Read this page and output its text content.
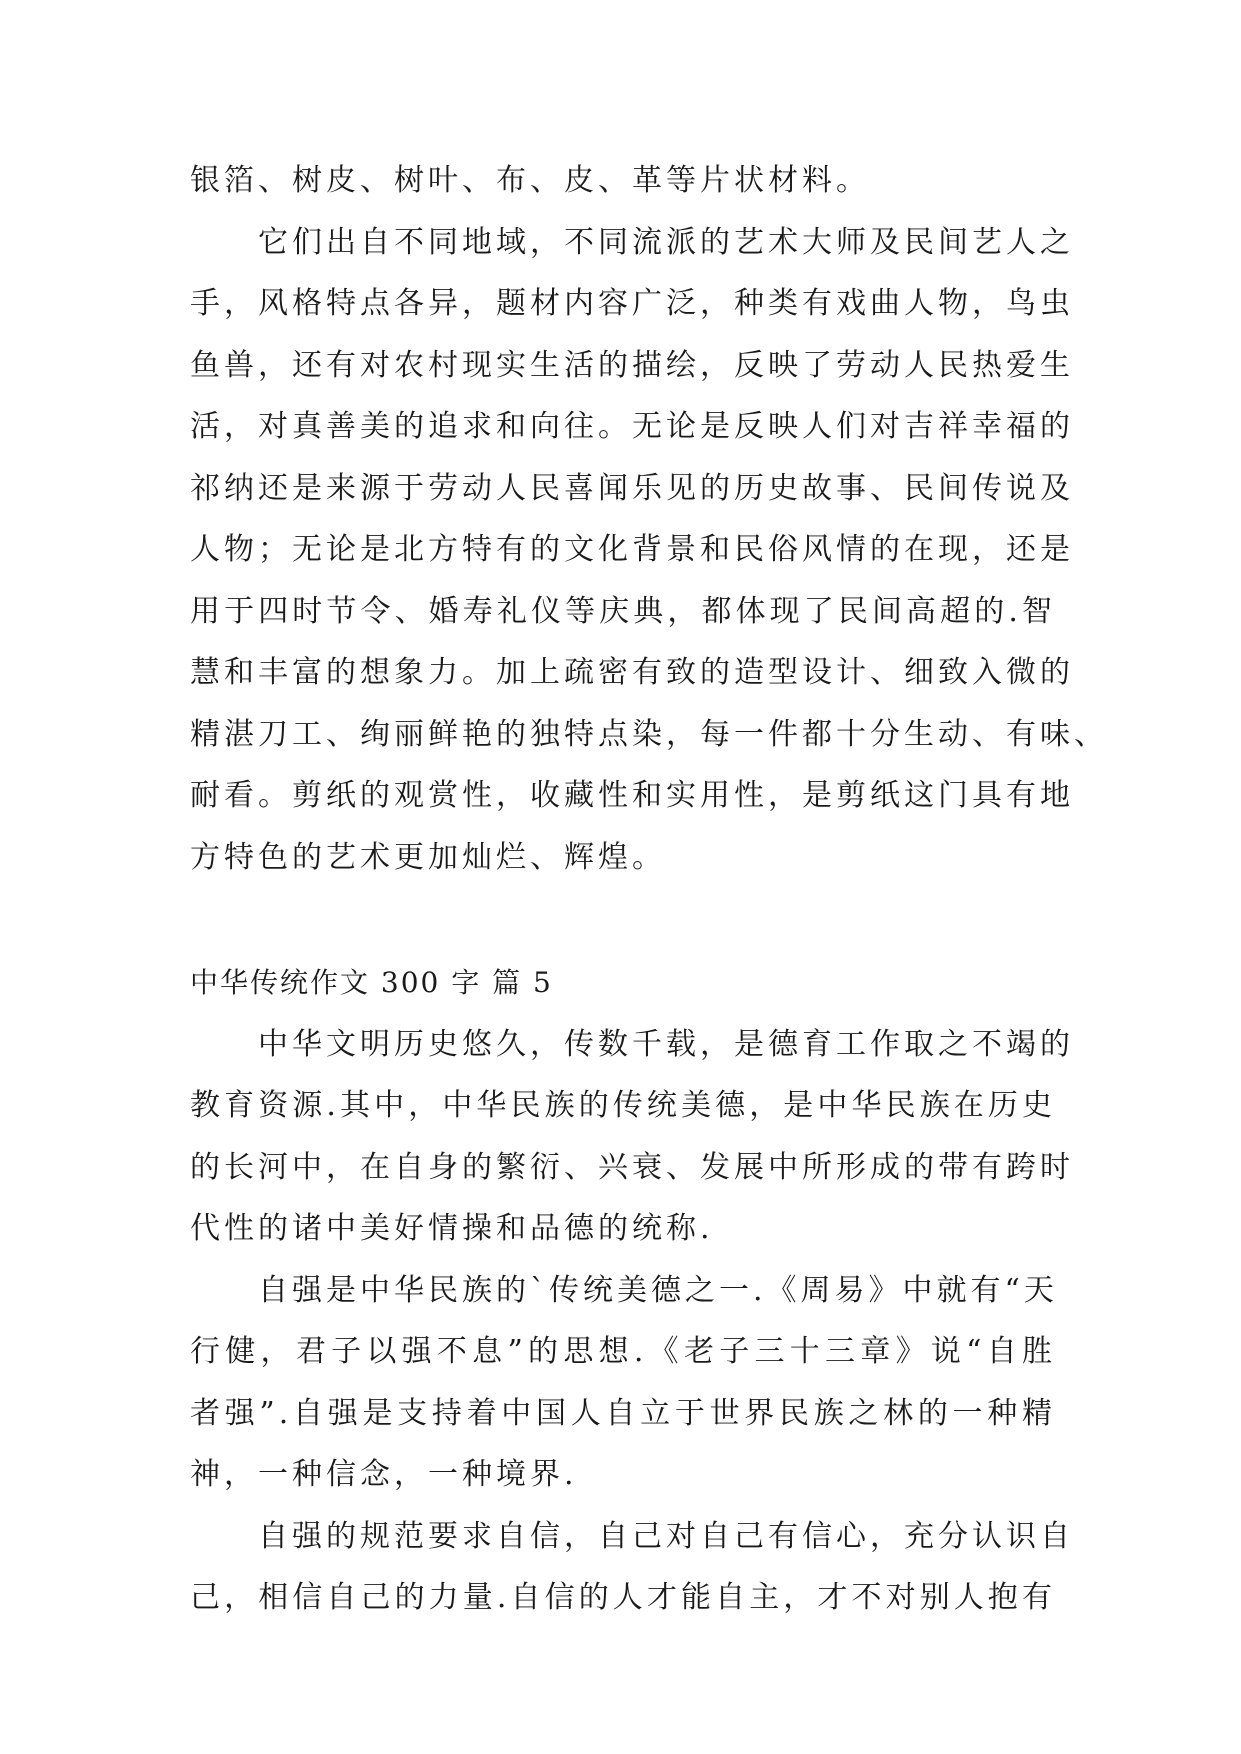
银箔、树皮、树叶、布、皮、革等片状材料。
它们出自不同地域，不同流派的艺术大师及民间艺人之
手，风格特点各异，题材内容广泛，种类有戏曲人物，鸟虫
鱼兽，还有对农村现实生活的描绘，反映了劳动人民热爱生
活，对真善美的追求和向往。无论是反映人们对吉祥幸福的
祁纳还是来源于劳动人民喜闻乐见的历史故事、民间传说及
人物；无论是北方特有的文化背景和民俗风情的在现，还是
用于四时节令、婚寿礼仪等庆典，都体现了民间高超的.智
慧和丰富的想象力。加上疏密有致的造型设计、细致入微的
精湛刀工、绚丽鲜艳的独特点染，每一件都十分生动、有味、
耐看。剪纸的观赏性，收藏性和实用性，是剪纸这门具有地
方特色的艺术更加灿烂、辉煌。
中华传统作文 300 字 篇 5
中华文明历史悠久，传数千载，是德育工作取之不竭的
教育资源.其中，中华民族的传统美德，是中华民族在历史
的长河中，在自身的繁衍、兴衰、发展中所形成的带有跨时
代性的诸中美好情操和品德的统称.
自强是中华民族的`传统美德之一.《周易》中就有“天
行健，君子以强不息”的思想.《老子三十三章》说“自胜
者强”.自强是支持着中国人自立于世界民族之林的一种精
神，一种信念，一种境界.
自强的规范要求自信，自己对自己有信心，充分认识自
己，相信自己的力量.自信的人才能自主，才不对别人抱有
